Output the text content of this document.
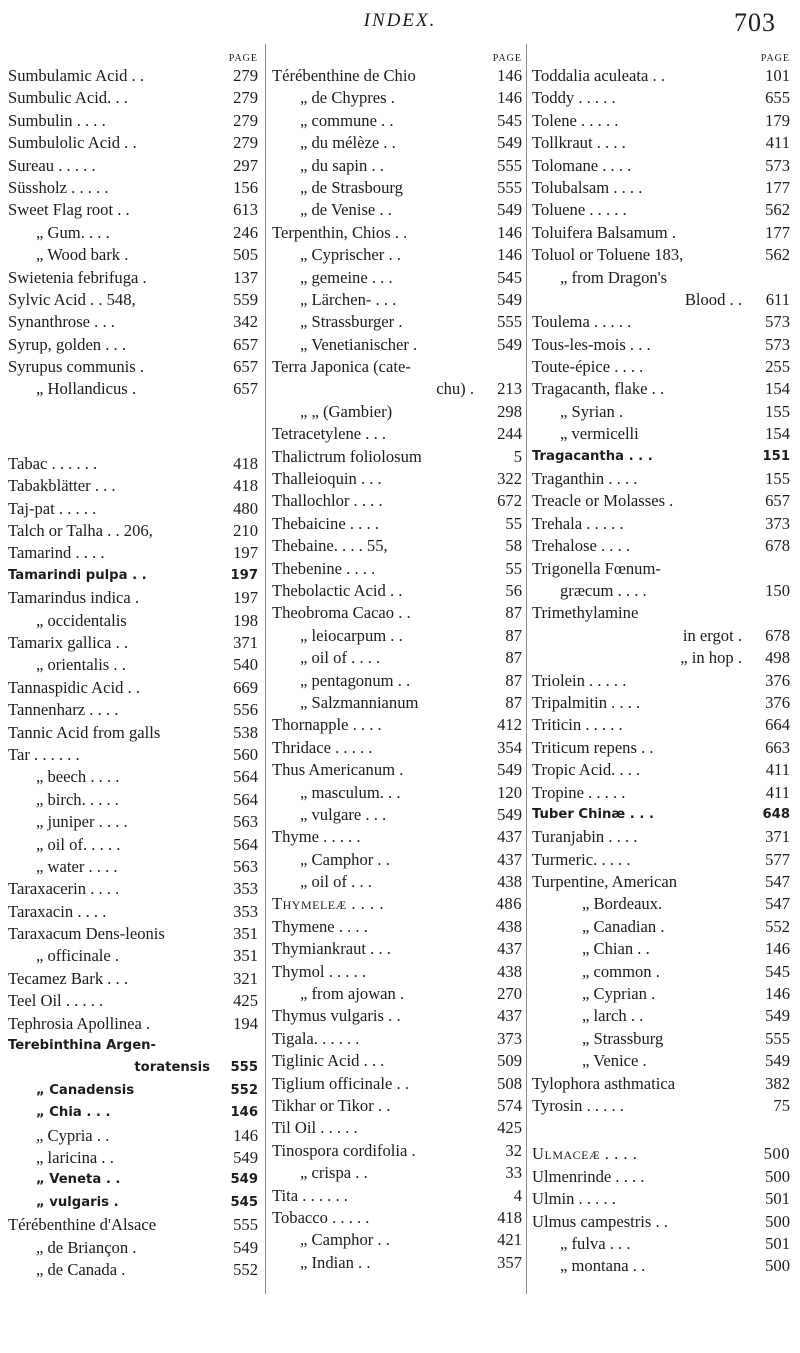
INDEX.	703
PAGE
Sumbulamic Acid . .	279
Sumbulic Acid. . .	279
Sumbulin . . . .	279
Sumbulolic Acid . .	279
Sureau . . . . .	297
Süssholz . . . . .	156
Sweet Flag root . .	613
„ Gum. . . .	246
„ Wood bark .	505
Swietenia febrifuga .	137
Sylvic Acid . . 548,	559
Synanthrose . . .	342
Syrup, golden . . .	657
Syrupus communis .	657
„ Hollandicus .	657
Tabac . . . . . .	418
Tabakblätter . . .	418
Taj-pat . . . . .	480
Talch or Talha . . 206,	210
Tamarind . . . .	197
Tamarindi pulpa . .	197
Tamarindus indica .	197
„ occidentalis	198
Tamarix gallica . .	371
„ orientalis . .	540
Tannaspidic Acid . .	669
Tannenharz . . . .	556
Tannic Acid from galls	538
Tar . . . . . .	560
„ beech . . . .	564
„ birch. . . . .	564
„ juniper . . . .	563
„ oil of. . . . .	564
„ water . . . .	563
Taraxacerin . . . .	353
Taraxacin . . . .	353
Taraxacum Dens-leonis	351
„ officinale .	351
Tecamez Bark . . .	321
Teel Oil . . . . .	425
Tephrosia Apollinea .	194
Terebinthina Argen-
toratensis 555
„ Canadensis	552
„ Chia . . .	146
„ Cypria . .	146
„ laricina . .	549
„ Veneta . .	549
„ vulgaris .	545
Térébenthine d'Alsace	555
„ de Briançon .	549
„ de Canada .	552
PAGE
Térébenthine de Chio	146
„ de Chypres .	146
„ commune . .	545
„ du mélèze . .	549
„ du sapin . .	555
„ de Strasbourg	555
„ de Venise . .	549
Terpenthin, Chios . .	146
„ Cyprischer . .	146
„ gemeine . . .	545
„ Lärchen- . . .	549
„ Strassburger .	555
„ Venetianischer .	549
Terra Japonica (cate-
chu) . 213
„ „ (Gambier)	298
Tetracetylene . . .	244
Thalictrum foliolosum	5
Thalleioquin . . .	322
Thallochlor . . . .	672
Thebaicine . . . .	55
Thebaine. . . . 55,	58
Thebenine . . . .	55
Thebolactic Acid . .	56
Theobroma Cacao . .	87
„ leiocarpum . .	87
„ oil of . . . .	87
„ pentagonum . .	87
„ Salzmannianum	87
Thornapple . . . .	412
Thridace . . . . .	354
Thus Americanum .	549
„ masculum. . .	120
„ vulgare . . .	549
Thyme . . . . .	437
„ Camphor . .	437
„ oil of . . .	438
Thymeleæ . . . .	486
Thymene . . . .	438
Thymiankraut . . .	437
Thymol . . . . .	438
„ from ajowan .	270
Thymus vulgaris . .	437
Tigala. . . . . .	373
Tiglinic Acid . . .	509
Tiglium officinale . .	508
Tikhar or Tikor . .	574
Til Oil . . . . .	425
Tinospora cordifolia .	32
„ crispa . .	33
Tita . . . . . .	4
Tobacco . . . . .	418
„ Camphor . .	421
„ Indian . .	357
PAGE
Toddalia aculeata . .	101
Toddy . . . . .	655
Tolene . . . . .	179
Tollkraut . . . .	411
Tolomane . . . .	573
Tolubalsam . . . .	177
Toluene . . . . .	562
Toluifera Balsamum .	177
Toluol or Toluene 183,	562
„ from Dragon's
Blood . . 611
Toulema . . . . .	573
Tous-les-mois . . .	573
Toute-épice . . . .	255
Tragacanth, flake . .	154
„ Syrian .	155
„ vermicelli	154
Tragacantha . . .	151
Traganthin . . . .	155
Treacle or Molasses .	657
Trehala . . . . .	373
Trehalose . . . .	678
Trigonella Fœnum-
græcum . . . .	150
Trimethylamine
in ergot . 678
„ in hop . 498
Triolein . . . . .	376
Tripalmitin . . . .	376
Triticin . . . . .	664
Triticum repens . .	663
Tropic Acid. . . .	411
Tropine . . . . .	411
Tuber Chinæ . . .	648
Turanjabin . . . .	371
Turmeric. . . . .	577
Turpentine, American	547
„ Bordeaux.	547
„ Canadian .	552
„ Chian . .	146
„ common .	545
„ Cyprian .	146
„ larch . .	549
„ Strassburg	555
„ Venice .	549
Tylophora asthmatica	382
Tyrosin . . . . .	75
Ulmaceæ . . . .	500
Ulmenrinde . . . .	500
Ulmin . . . . .	501
Ulmus campestris . .	500
„ fulva . . .	501
„ montana . .	500
